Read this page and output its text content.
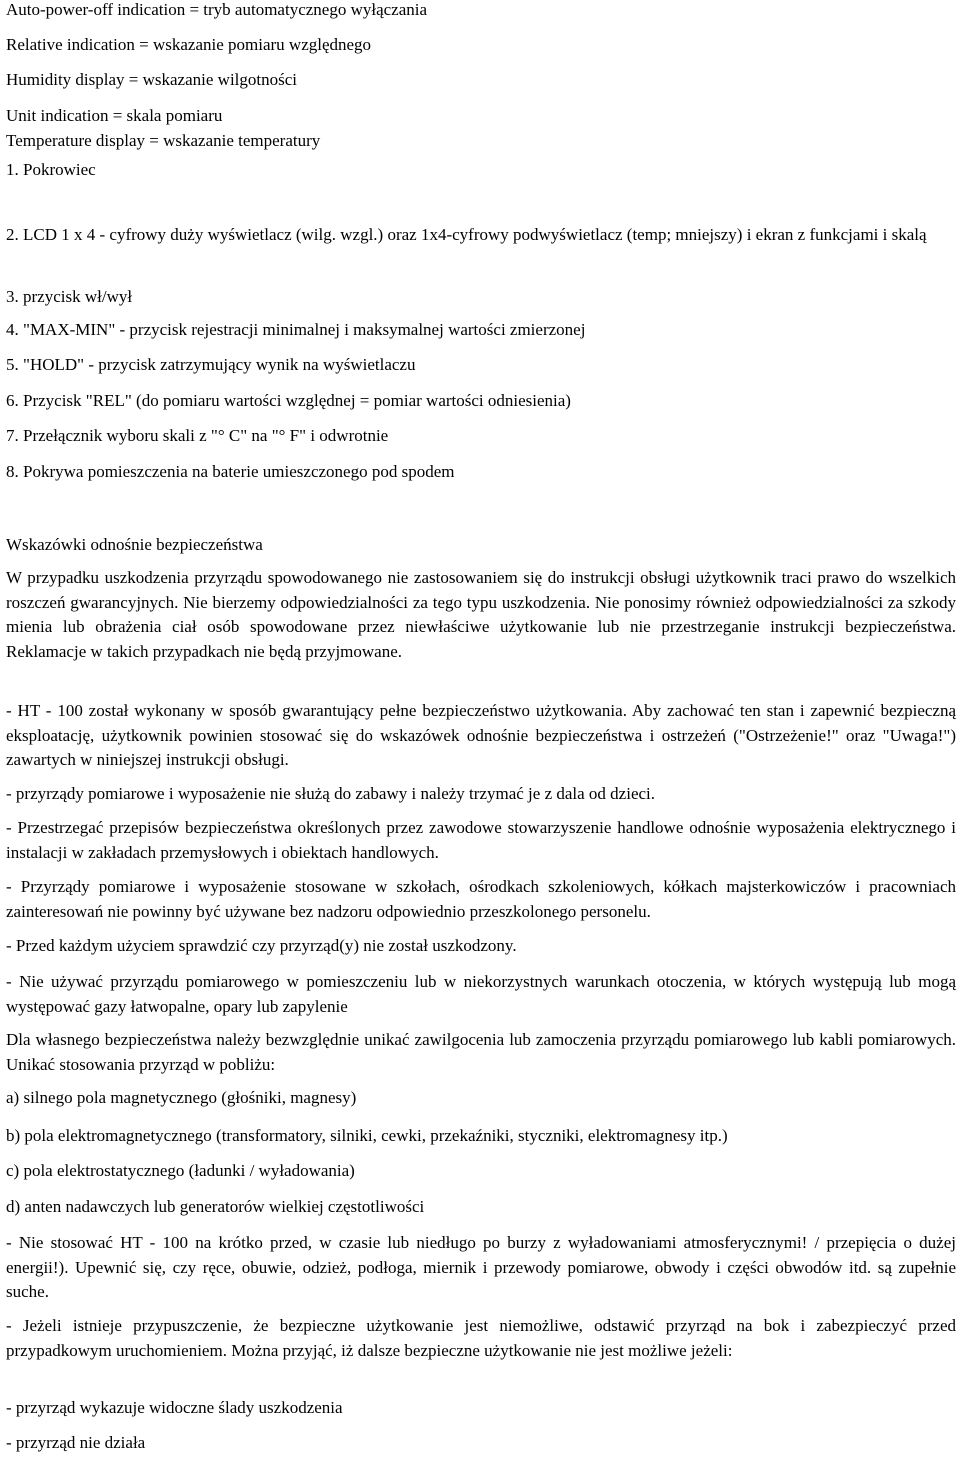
Auto-power-off indication = tryb automatycznego wyłączania
Relative indication = wskazanie pomiaru względnego
Humidity display = wskazanie wilgotności
Unit indication = skala pomiaru
Temperature display = wskazanie temperatury
1. Pokrowiec
2. LCD 1 x 4 - cyfrowy duży wyświetlacz (wilg. wzgl.) oraz 1x4-cyfrowy podwyświetlacz (temp; mniejszy) i ekran z funkcjami i skalą
3. przycisk wł/wył
4. "MAX-MIN" - przycisk rejestracji minimalnej i maksymalnej wartości zmierzonej
5. "HOLD" - przycisk zatrzymujący wynik na wyświetlaczu
6. Przycisk "REL" (do pomiaru wartości względnej = pomiar wartości odniesienia)
7. Przełącznik wyboru skali z "° C" na "° F" i odwrotnie
8. Pokrywa pomieszczenia na baterie umieszczonego pod spodem
Wskazówki odnośnie bezpieczeństwa
W przypadku uszkodzenia przyrządu spowodowanego nie zastosowaniem się do instrukcji obsługi użytkownik traci prawo do wszelkich roszczeń gwarancyjnych. Nie bierzemy odpowiedzialności za tego typu uszkodzenia. Nie ponosimy również odpowiedzialności za szkody mienia lub obrażenia ciał osób spowodowane przez niewłaściwe użytkowanie lub nie przestrzeganie instrukcji bezpieczeństwa. Reklamacje w takich przypadkach nie będą przyjmowane.
- HT - 100 został wykonany w sposób gwarantujący pełne bezpieczeństwo użytkowania. Aby zachować ten stan i zapewnić bezpieczną eksploatację, użytkownik powinien stosować się do wskazówek odnośnie bezpieczeństwa i ostrzeżeń ("Ostrzeżenie!" oraz "Uwaga!") zawartych w niniejszej instrukcji obsługi.
- przyrządy pomiarowe i wyposażenie nie służą do zabawy i należy trzymać je z dala od dzieci.
- Przestrzegać przepisów bezpieczeństwa określonych przez zawodowe stowarzyszenie handlowe odnośnie wyposażenia elektrycznego i instalacji w zakładach przemysłowych i obiektach handlowych.
- Przyrządy pomiarowe i wyposażenie stosowane w szkołach, ośrodkach szkoleniowych, kółkach majsterkowiczów i pracowniach zainteresowań nie powinny być używane bez nadzoru odpowiednio przeszkolonego personelu.
- Przed każdym użyciem sprawdzić czy przyrząd(y) nie został uszkodzony.
- Nie używać przyrządu pomiarowego w pomieszczeniu lub w niekorzystnych warunkach otoczenia, w których występują lub mogą występować gazy łatwopalne, opary lub zapylenie
Dla własnego bezpieczeństwa należy bezwzględnie unikać zawilgocenia lub zamoczenia przyrządu pomiarowego lub kabli pomiarowych. Unikać stosowania przyrząd w pobliżu:
a) silnego pola magnetycznego (głośniki, magnesy)
b) pola elektromagnetycznego (transformatory, silniki, cewki, przekaźniki, styczniki, elektromagnesy itp.)
c) pola elektrostatycznego (ładunki / wyładowania)
d) anten nadawczych lub generatorów wielkiej częstotliwości
- Nie stosować HT - 100 na krótko przed, w czasie lub niedługo po burzy z wyładowaniami atmosferycznymi! / przepięcia o dużej energii!). Upewnić się, czy ręce, obuwie, odzież, podłoga, miernik i przewody pomiarowe, obwody i części obwodów itd. są zupełnie suche.
- Jeżeli istnieje przypuszczenie, że bezpieczne użytkowanie jest niemożliwe, odstawić przyrząd na bok i zabezpieczyć przed przypadkowym uruchomieniem. Można przyjąć, iż dalsze bezpieczne użytkowanie nie jest możliwe jeżeli:
- przyrząd wykazuje widoczne ślady uszkodzenia
- przyrząd nie działa
